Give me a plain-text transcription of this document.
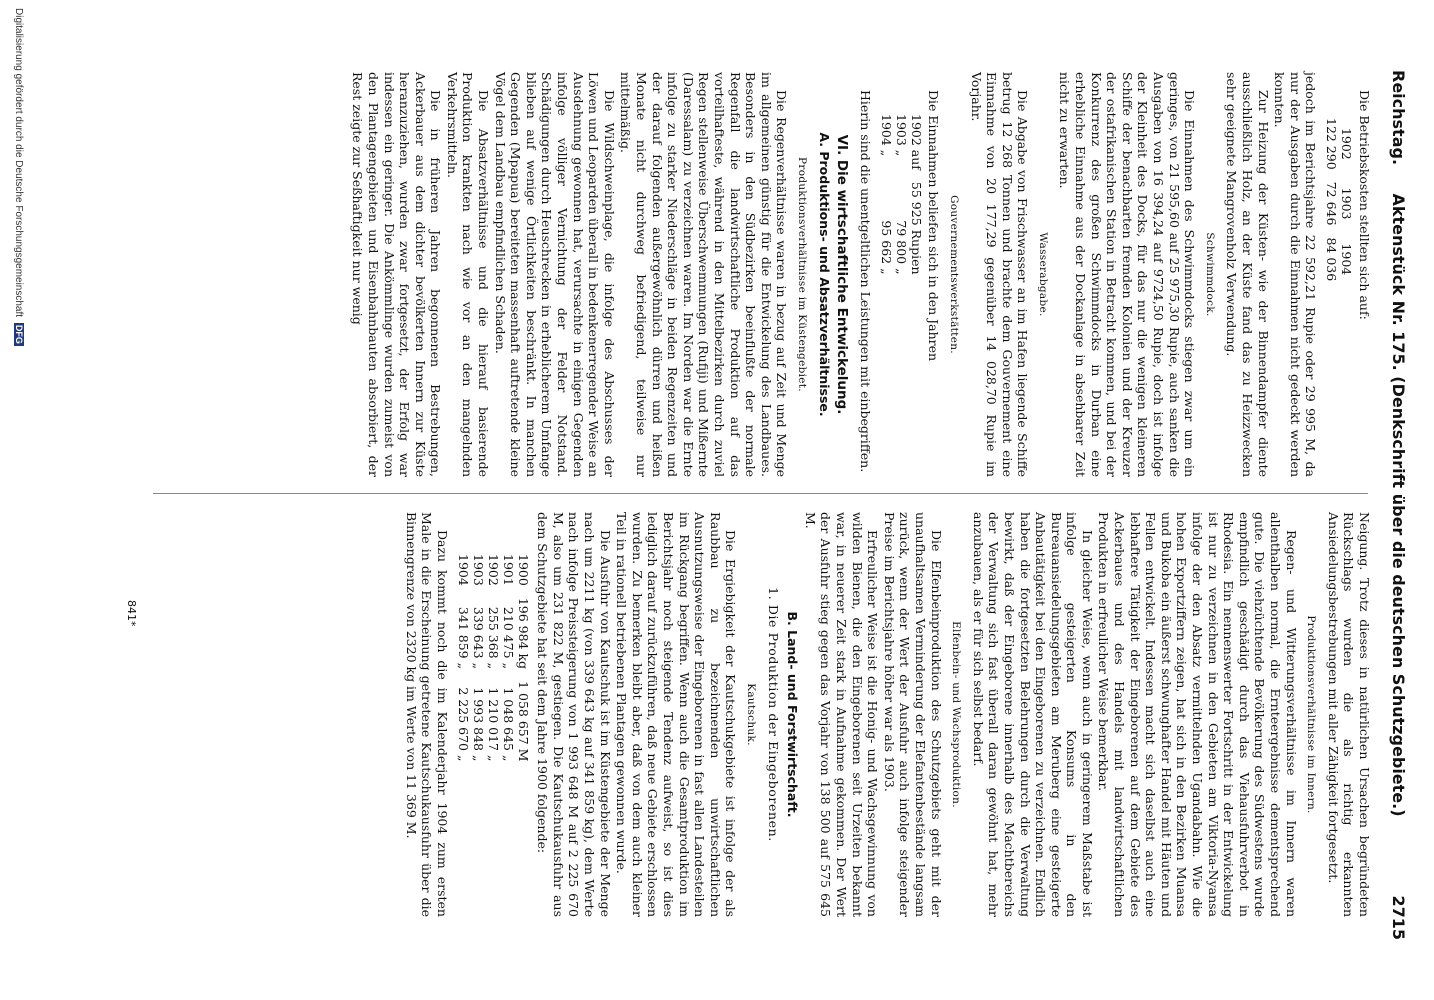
Reichstag.
Aktenstück Nr. 175. (Denkschrift über die deutschen Schutzgebiete.)
2715

Die Betriebskosten stellten sich auf:

1902	1903	1904
122 290	72 646	84 036

jedoch im Berichtsjahre 22 592,21 Rupie oder 29 995 M, da nur der Ausgaben durch die Einnahmen nicht gedeckt werden konnten.

Zur Heizung der Küsten- wie der Binnendampfer diente ausschließlich Holz, an der Küste fand das zu Heizzwecken sehr geeignete Mangrovenholz Verwendung.

Schwimmdock.

Die Einnahmen des Schwimmdocks stiegen zwar um ein geringes, von 21 595,60 auf 25 975,30 Rupie, auch sanken die Ausgaben von 16 394,24 auf 9724,50 Rupie, doch ist infolge der Kleinheit des Docks, für das nur die wenigen kleineren Schiffe der benachbarten fremden Kolonien und der Kreuzer der ostafrikanischen Station in Betracht kommen, und bei der Konkurrenz des großen Schwimmdocks in Durban eine erhebliche Einnahme aus der Dockanlage in absehbarer Zeit nicht zu erwarten.

Wasserabgabe.

Die Abgabe von Frischwasser an im Hafen liegende Schiffe betrug 12 268 Tonnen und brachte dem Gouvernement eine Einnahme von 20 177,29 gegenüber 14 028,70 Rupie im Vorjahr.

Gouvernementswerkstätten.

Die Einnahmen beliefen sich in den Jahren

1902 auf	55 925 Rupien
1903 „	79 800 „
1904 „	95 662 „

Hierin sind die unentgeltlichen Leistungen mit einbegriffen.

VI. Die wirtschaftliche Entwickelung.
A. Produktions- und Absatzverhältnisse.
Produktionsverhältnisse im Küstengebiet.

Die Regenverhältnisse waren in bezug auf Zeit und Menge im allgemeinen günstig für die Entwickelung des Landbaues. Besonders in den Südbezirken beeinflußte der normale Regenfall die landwirtschaftliche Produktion auf das vorteilhafteste, während in den Mittelbezirken durch zuviel Regen stellenweise Überschwemmungen (Rufiji) und Mißernte (Daressalam) zu verzeichnen waren. Im Norden war die Ernte infolge zu starker Niederschläge in beiden Regenzeiten und der darauf folgenden außergewöhnlich dürren und heißen Monate nicht durchweg befriedigend, teilweise nur mittelmäßig.

Die Wildschweinplage, die infolge des Abschusses der Löwen und Leoparden überall in bedenkenerregender Weise an Ausdehnung gewonnen hat, verursachte in einigen Gegenden infolge völliger Vernichtung der Felder Notstand. Schädigungen durch Heuschrecken in erheblicherem Umfange blieben auf wenige Örtlichkeiten beschränkt. In manchen Gegenden (Mpapua) bereiteten massenhaft auftretende kleine Vögel dem Landbau empfindlichen Schaden.

Die Absatzverhältnisse und die hierauf basierende Produktion krankten nach wie vor an den mangelnden Verkehrsmitteln.

Die in früheren Jahren begonnenen Bestrebungen, Ackerbauer aus dem dichter bevölkerten Innern zur Küste heranzuziehen, wurden zwar fortgesetzt, der Erfolg war indessen ein geringer. Die Ankömmlinge wurden zumeist von den Plantagengebieten und Eisenbahnbauten absorbiert, der Rest zeigte zur Seßhaftigkeit nur wenig

Neigung. Trotz dieses in natürlichen Ursachen begründeten Rückschlags wurden die als richtig erkannten Ansiedelungsbestrebungen mit aller Zähigkeit fortgesetzt.

Produktionsverhältnisse im Innern.

Regen- und Witterungsverhältnisse im Innern waren allenthalben normal, die Ernteergebnisse dementsprechend gute. Die viehzüchtende Bevölkerung des Südwestens wurde empfindlich geschädigt durch das Viehausfuhrverbot in Rhodesia. Ein nennenswerter Fortschritt in der Entwickelung ist nur zu verzeichnen in den Gebieten am Viktoria-Nyansa infolge der den Absatz vermittelnden Ugandabahn. Wie die hohen Exportziffern zeigen, hat sich in den Bezirken Muansa und Bukoba ein äußerst schwunghafter Handel mit Häuten und Fellen entwickelt. Indessen macht sich daselbst auch eine lebhaftere Tätigkeit der Eingeborenen auf dem Gebiete des Ackerbaues und des Handels mit landwirtschaftlichen Produkten in erfreulicher Weise bemerkbar.

In gleicher Weise, wenn auch in geringerem Maßstabe ist infolge gesteigerten Konsums in den Bureauansiedelungsgebieten am Meruberg eine gesteigerte Anbautätigkeit bei den Eingeborenen zu verzeichnen. Endlich haben die fortgesetzten Belehrungen durch die Verwaltung bewirkt, daß der Eingeborene innerhalb des Machtbereichs der Verwaltung sich fast überall daran gewöhnt hat, mehr anzubauen, als er für sich selbst bedarf.

Elfenbein- und Wachsproduktion.

Die Elfenbeinproduktion des Schutzgebiets geht mit der unaufhaltsamen Verminderung der Elefantenbestände langsam zurück, wenn der Wert der Ausfuhr auch infolge steigender Preise im Berichtsjahre höher war als 1903.

Erfreulicher Weise ist die Honig- und Wachsgewinnung von wilden Bienen, die den Eingeborenen seit Urzeiten bekannt war, in neuerer Zeit stark in Aufnahme gekommen. Der Wert der Ausfuhr stieg gegen das Vorjahr von 138 500 auf 575 645 M.

B. Land- und Forstwirtschaft.
1. Die Produktion der Eingeborenen.
Kautschuk.

Die Ergiebigkeit der Kautschukgebiete ist infolge der als Raubbau zu bezeichnenden unwirtschaftlichen Ausnutzungsweise der Eingeborenen in fast allen Landesteilen im Rückgang begriffen. Wenn auch die Gesamtproduktion im Berichtsjahr noch steigende Tendenz aufweist, so ist dies lediglich darauf zurückzuführen, daß neue Gebiete erschlossen wurden. Zu bemerken bleibt aber, daß von dem auch kleiner Teil in rationell betriebenen Plantagen gewonnen wurde.

Die Ausfuhr von Kautschuk ist im Küstengebiete der Menge nach um 2211 kg (von 339 643 kg auf 341 859 kg), dem Werte nach infolge Preissteigerung von 1 993 648 M auf 2 225 670 M, also um 231 822 M, gestiegen. Die Kautschukausfuhr aus dem Schutzgebiete hat seit dem Jahre 1900 folgende:

1900	196 984 kg	1 058 657 M
1901	210 475 „	1 048 645 „
1902	255 368 „	1 210 017 „
1903	339 643 „	1 993 848 „
1904	341 859 „	2 225 670 „

Dazu kommt noch die im Kalenderjahr 1904 zum ersten Male in die Erscheinung getretene Kautschukausfuhr über die Binnengrenze von 2320 kg im Werte von 11 369 M.

841*
Digitalisierung gefördert durch die Deutsche Forschungsgemeinschaft DFG
